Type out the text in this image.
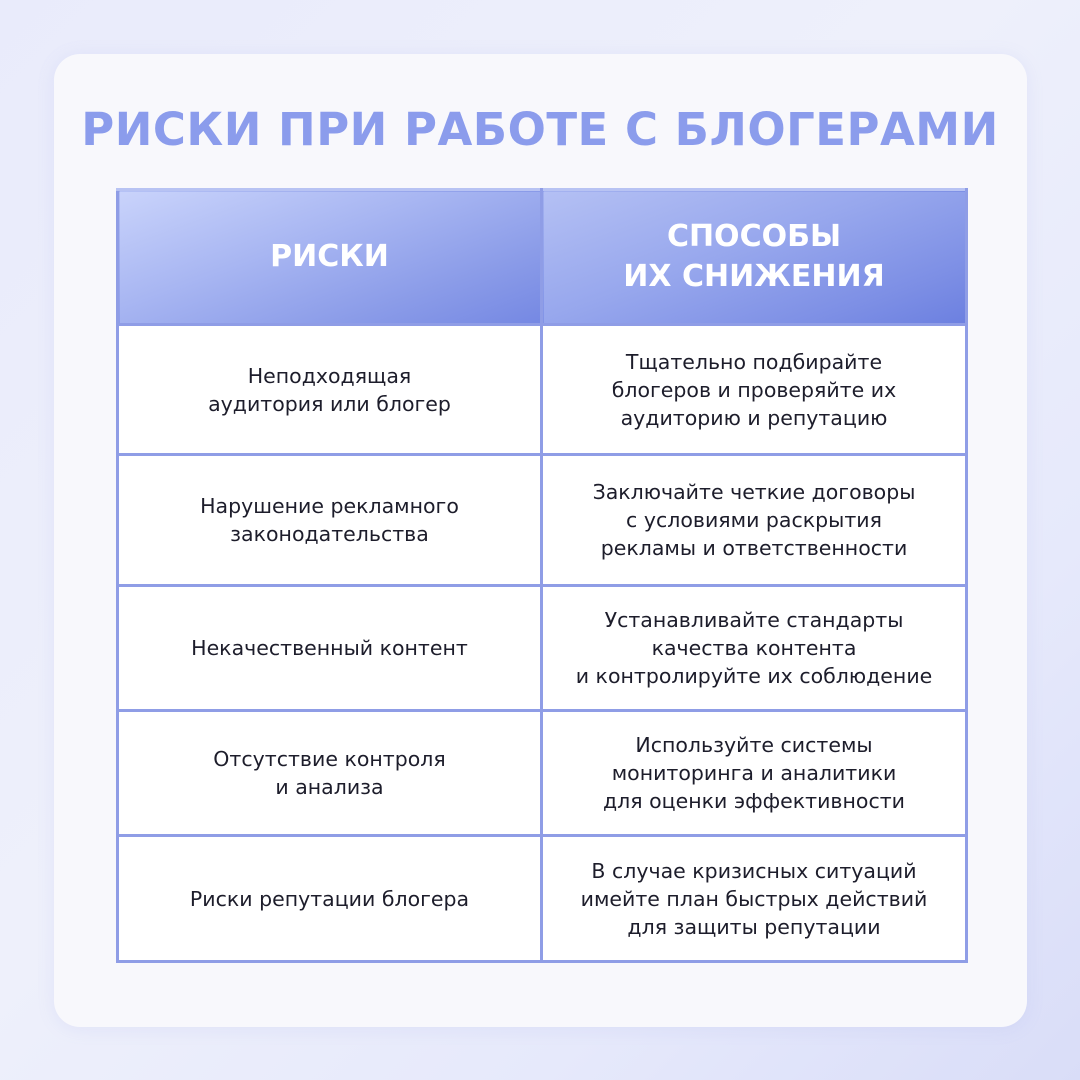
РИСКИ ПРИ РАБОТЕ С БЛОГЕРАМИ
РИСКИ	СПОСОБЫ
ИХ СНИЖЕНИЯ

Неподходящая
аудитория или блогер	Тщательно подбирайте
блогеров и проверяйте их
аудиторию и репутацию

Нарушение рекламного
законодательства	Заключайте четкие договоры
с условиями раскрытия
рекламы и ответственности

Некачественный контент	Устанавливайте стандарты
качества контента
и контролируйте их соблюдение

Отсутствие контроля
и анализа	Используйте системы
мониторинга и аналитики
для оценки эффективности

Риски репутации блогера	В случае кризисных ситуаций
имейте план быстрых действий
для защиты репутации
